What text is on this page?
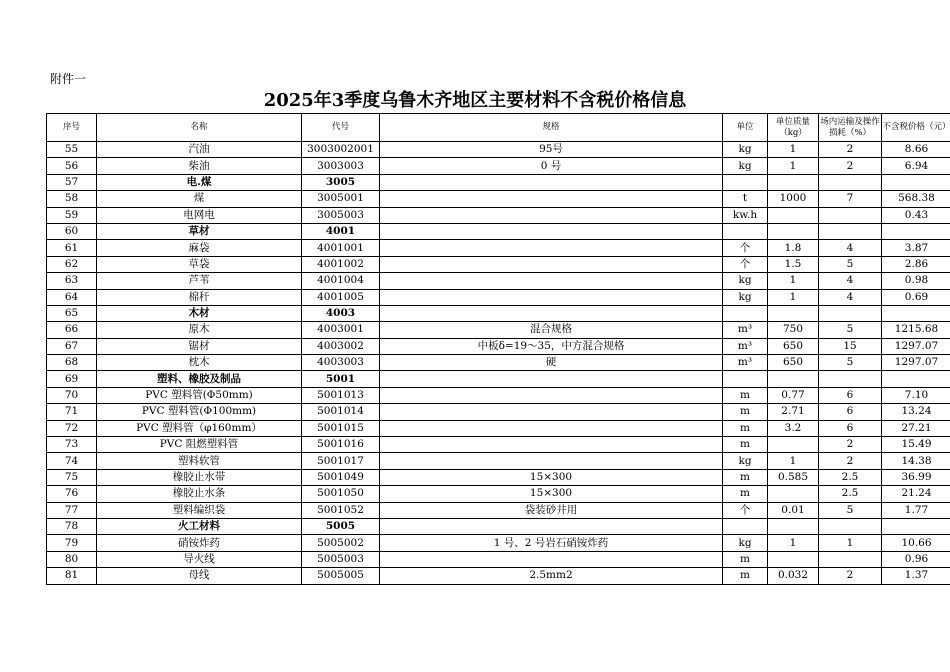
附件一
2025年3季度乌鲁木齐地区主要材料不含税价格信息
序号	名称	代号	规格	单位	单位质量（kg）	场内运输及操作损耗（%）	不含税价格（元）
55	汽油	3003002001	95号	kg	1	2	8.66
56	柴油	3003003	0 号	kg	1	2	6.94
57	电.煤	3005					
58	煤	3005001		t	1000	7	568.38
59	电网电	3005003		kw.h			0.43
60	草材	4001					
61	麻袋	4001001		个	1.8	4	3.87
62	草袋	4001002		个	1.5	5	2.86
63	芦苇	4001004		kg	1	4	0.98
64	棉秆	4001005		kg	1	4	0.69
65	木材	4003					
66	原木	4003001	混合规格	m³	750	5	1215.68
67	锯材	4003002	中板δ=19～35，中方混合规格	m³	650	15	1297.07
68	枕木	4003003	硬	m³	650	5	1297.07
69	塑料、橡胶及制品	5001					
70	PVC 塑料管(Φ50mm)	5001013		m	0.77	6	7.10
71	PVC 塑料管(Φ100mm)	5001014		m	2.71	6	13.24
72	PVC 塑料管（φ160mm）	5001015		m	3.2	6	27.21
73	PVC 阻燃塑料管	5001016		m		2	15.49
74	塑料软管	5001017		kg	1	2	14.38
75	橡胶止水带	5001049	15×300	m	0.585	2.5	36.99
76	橡胶止水条	5001050	15×300	m		2.5	21.24
77	塑料编织袋	5001052	袋装砂井用	个	0.01	5	1.77
78	火工材料	5005					
79	硝铵炸药	5005002	1 号、2 号岩石硝铵炸药	kg	1	1	10.66
80	导火线	5005003		m			0.96
81	母线	5005005	2.5mm2	m	0.032	2	1.37
